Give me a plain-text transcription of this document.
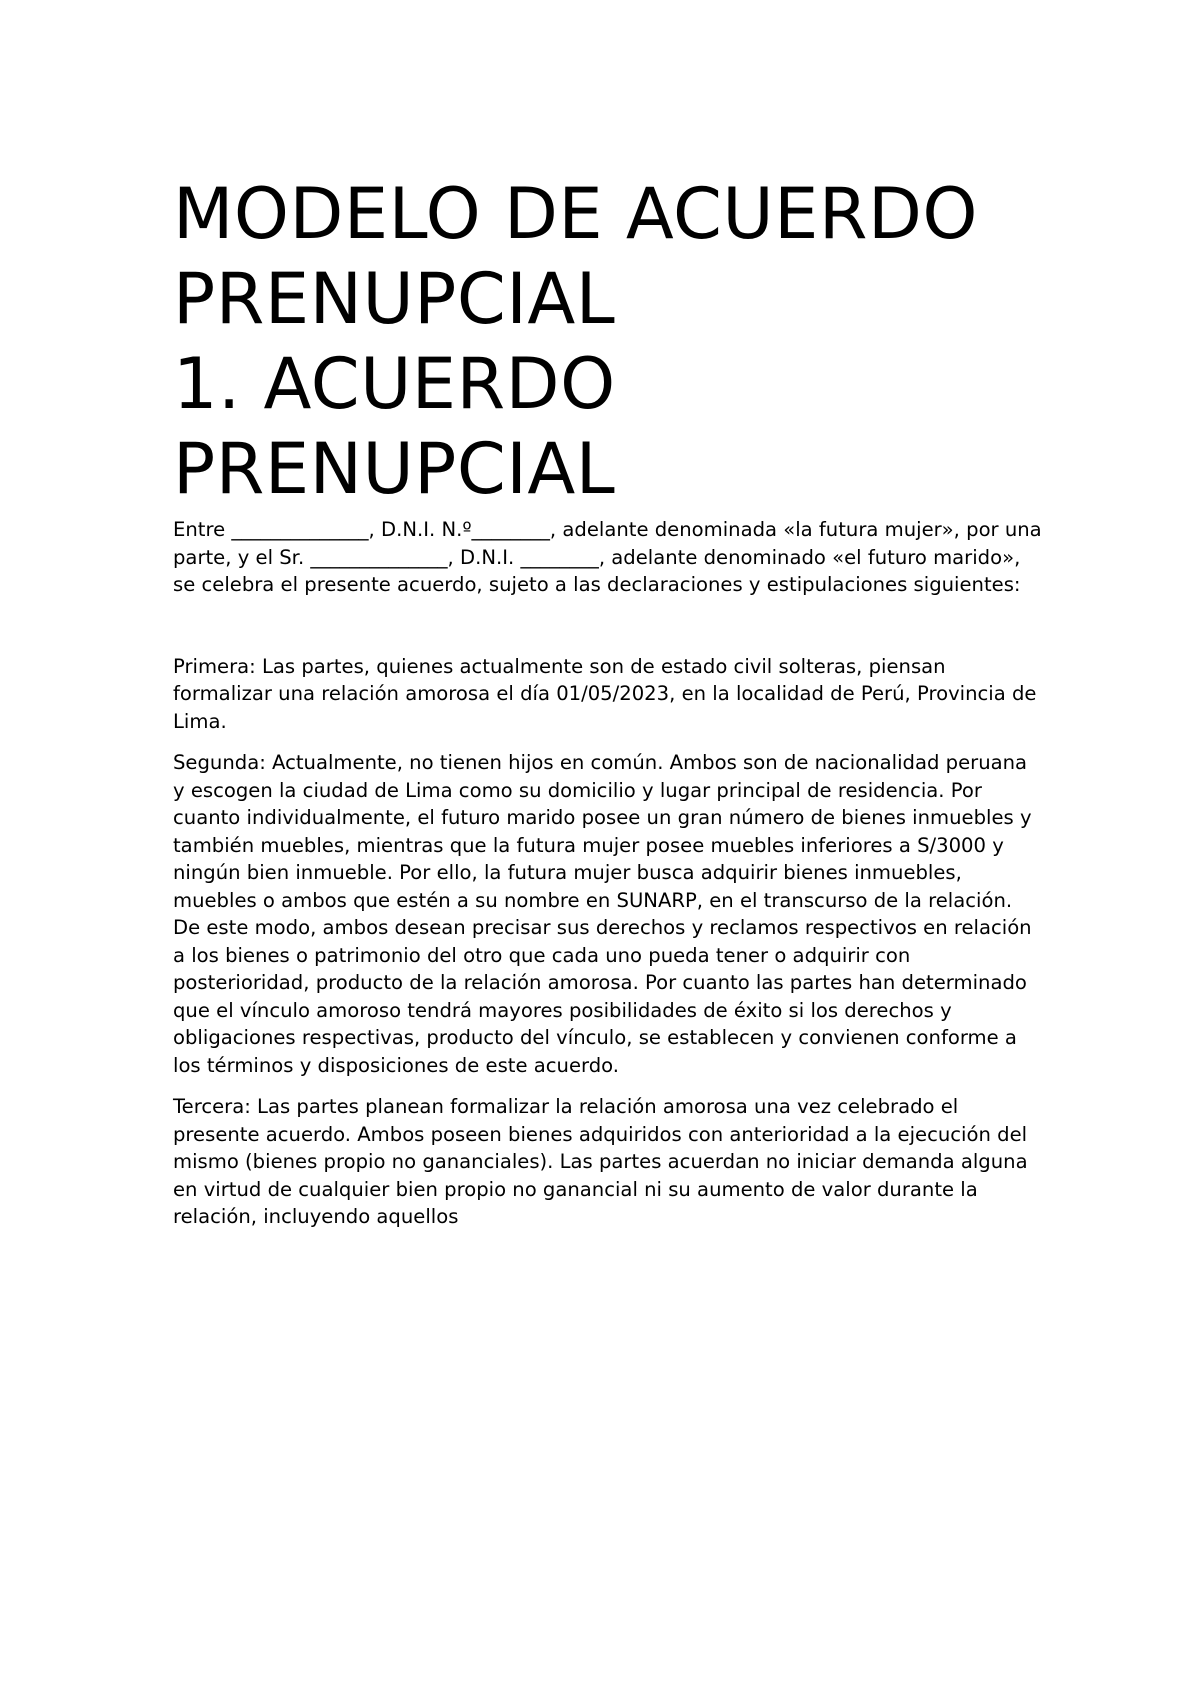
MODELO DE ACUERDO
PRENUPCIAL
1. ACUERDO
PRENUPCIAL

Entre ______________, D.N.I. N.º________, adelante denominada «la futura mujer», por una parte, y el Sr. ______________, D.N.I. ________, adelante denominado «el futuro marido», se celebra el presente acuerdo, sujeto a las declaraciones y estipulaciones siguientes:

Primera: Las partes, quienes actualmente son de estado civil solteras, piensan formalizar una relación amorosa el día 01/05/2023, en la localidad de Perú, Provincia de Lima.

Segunda: Actualmente, no tienen hijos en común. Ambos son de nacionalidad peruana y escogen la ciudad de Lima como su domicilio y lugar principal de residencia. Por cuanto individualmente, el futuro marido posee un gran número de bienes inmuebles y también muebles, mientras que la futura mujer posee muebles inferiores a S/3000 y ningún bien inmueble. Por ello, la futura mujer busca adquirir bienes inmuebles, muebles o ambos que estén a su nombre en SUNARP, en el transcurso de la relación. De este modo, ambos desean precisar sus derechos y reclamos respectivos en relación a los bienes o patrimonio del otro que cada uno pueda tener o adquirir con posterioridad, producto de la relación amorosa. Por cuanto las partes han determinado que el vínculo amoroso tendrá mayores posibilidades de éxito si los derechos y obligaciones respectivas, producto del vínculo, se establecen y convienen conforme a los términos y disposiciones de este acuerdo.

Tercera: Las partes planean formalizar la relación amorosa una vez celebrado el presente acuerdo. Ambos poseen bienes adquiridos con anterioridad a la ejecución del mismo (bienes propio no gananciales). Las partes acuerdan no iniciar demanda alguna en virtud de cualquier bien propio no ganancial ni su aumento de valor durante la relación, incluyendo aquellos
